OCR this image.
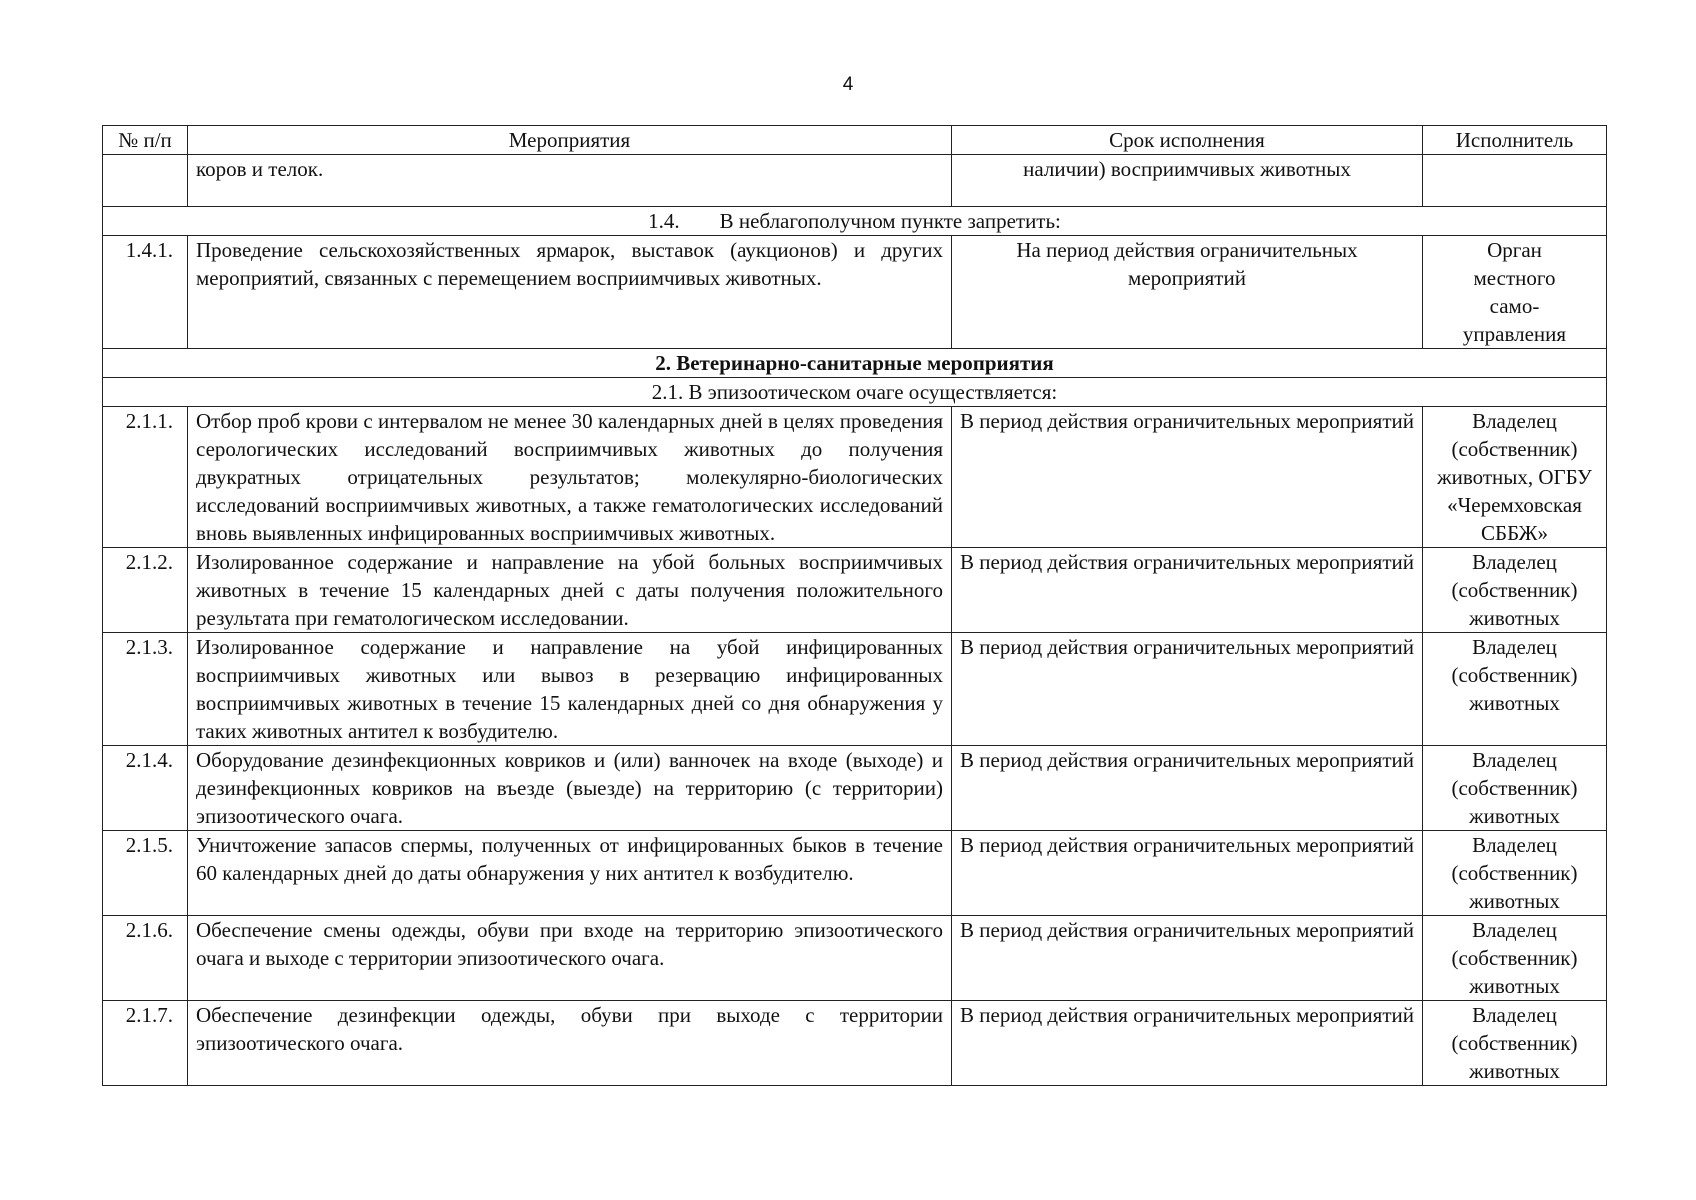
4
№ п/п	Мероприятия	Срок исполнения	Исполнитель
	коров и телок.	наличии) восприимчивых животных	
1.4. В неблагополучном пункте запретить:			
1.4.1.	Проведение сельскохозяйственных ярмарок, выставок (аукционов) и других мероприятий, связанных с перемещением восприимчивых животных.	На период действия ограничительных мероприятий	Орган местного само-управления
2. Ветеринарно-санитарные мероприятия			
2.1. В эпизоотическом очаге осуществляется:			
2.1.1.	Отбор проб крови с интервалом не менее 30 календарных дней в целях проведения серологических исследований восприимчивых животных до получения двукратных отрицательных результатов; молекулярно-биологических исследований восприимчивых животных, а также гематологических исследований вновь выявленных инфицированных восприимчивых животных.	В период действия ограничительных мероприятий	Владелец (собственник) животных, ОГБУ «Черемховская СББЖ»
2.1.2.	Изолированное содержание и направление на убой больных восприимчивых животных в течение 15 календарных дней с даты получения положительного результата при гематологическом исследовании.	В период действия ограничительных мероприятий	Владелец (собственник) животных
2.1.3.	Изолированное содержание и направление на убой инфицированных восприимчивых животных или вывоз в резервацию инфицированных восприимчивых животных в течение 15 календарных дней со дня обнаружения у таких животных антител к возбудителю.	В период действия ограничительных мероприятий	Владелец (собственник) животных
2.1.4.	Оборудование дезинфекционных ковриков и (или) ванночек на входе (выходе) и дезинфекционных ковриков на въезде (выезде) на территорию (с территории) эпизоотического очага.	В период действия ограничительных мероприятий	Владелец (собственник) животных
2.1.5.	Уничтожение запасов спермы, полученных от инфицированных быков в течение 60 календарных дней до даты обнаружения у них антител к возбудителю.	В период действия ограничительных мероприятий	Владелец (собственник) животных
2.1.6.	Обеспечение смены одежды, обуви при входе на территорию эпизоотического очага и выходе с территории эпизоотического очага.	В период действия ограничительных мероприятий	Владелец (собственник) животных
2.1.7.	Обеспечение дезинфекции одежды, обуви при выходе с территории эпизоотического очага.	В период действия ограничительных мероприятий	Владелец (собственник) животных
